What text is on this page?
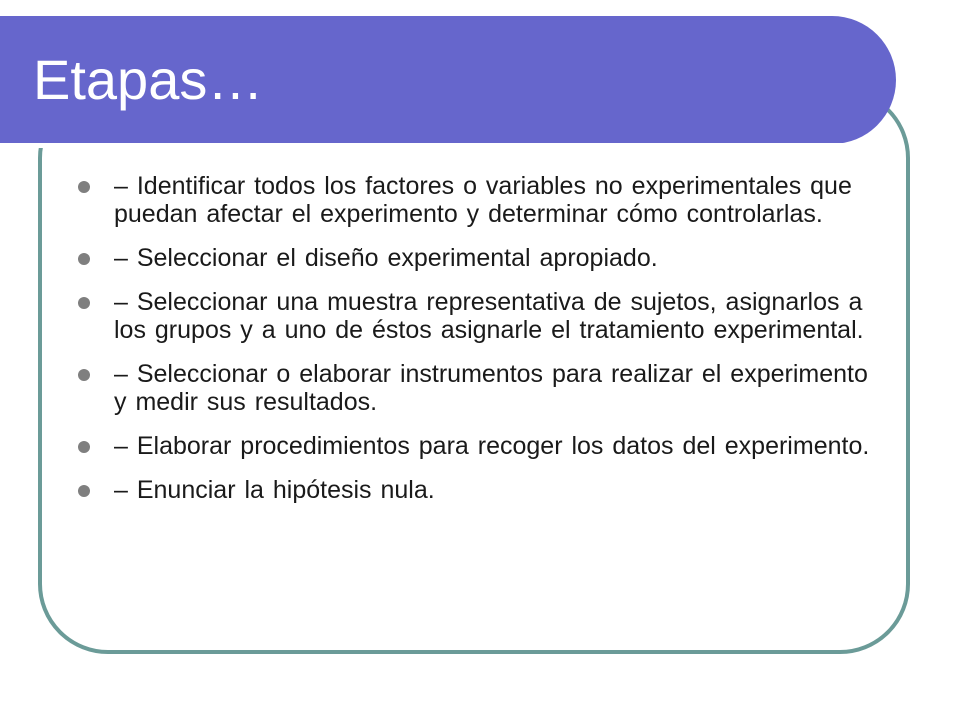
Etapas…
– Identificar todos los factores o variables no experimentales que puedan afectar el experimento y determinar cómo controlarlas.
– Seleccionar el diseño experimental apropiado.
– Seleccionar una muestra representativa de sujetos, asignarlos a los grupos y a uno de éstos asignarle el tratamiento experimental.
– Seleccionar o elaborar instrumentos para realizar el experimento y medir sus resultados.
– Elaborar procedimientos para recoger los datos del experimento.
– Enunciar la hipótesis nula.
